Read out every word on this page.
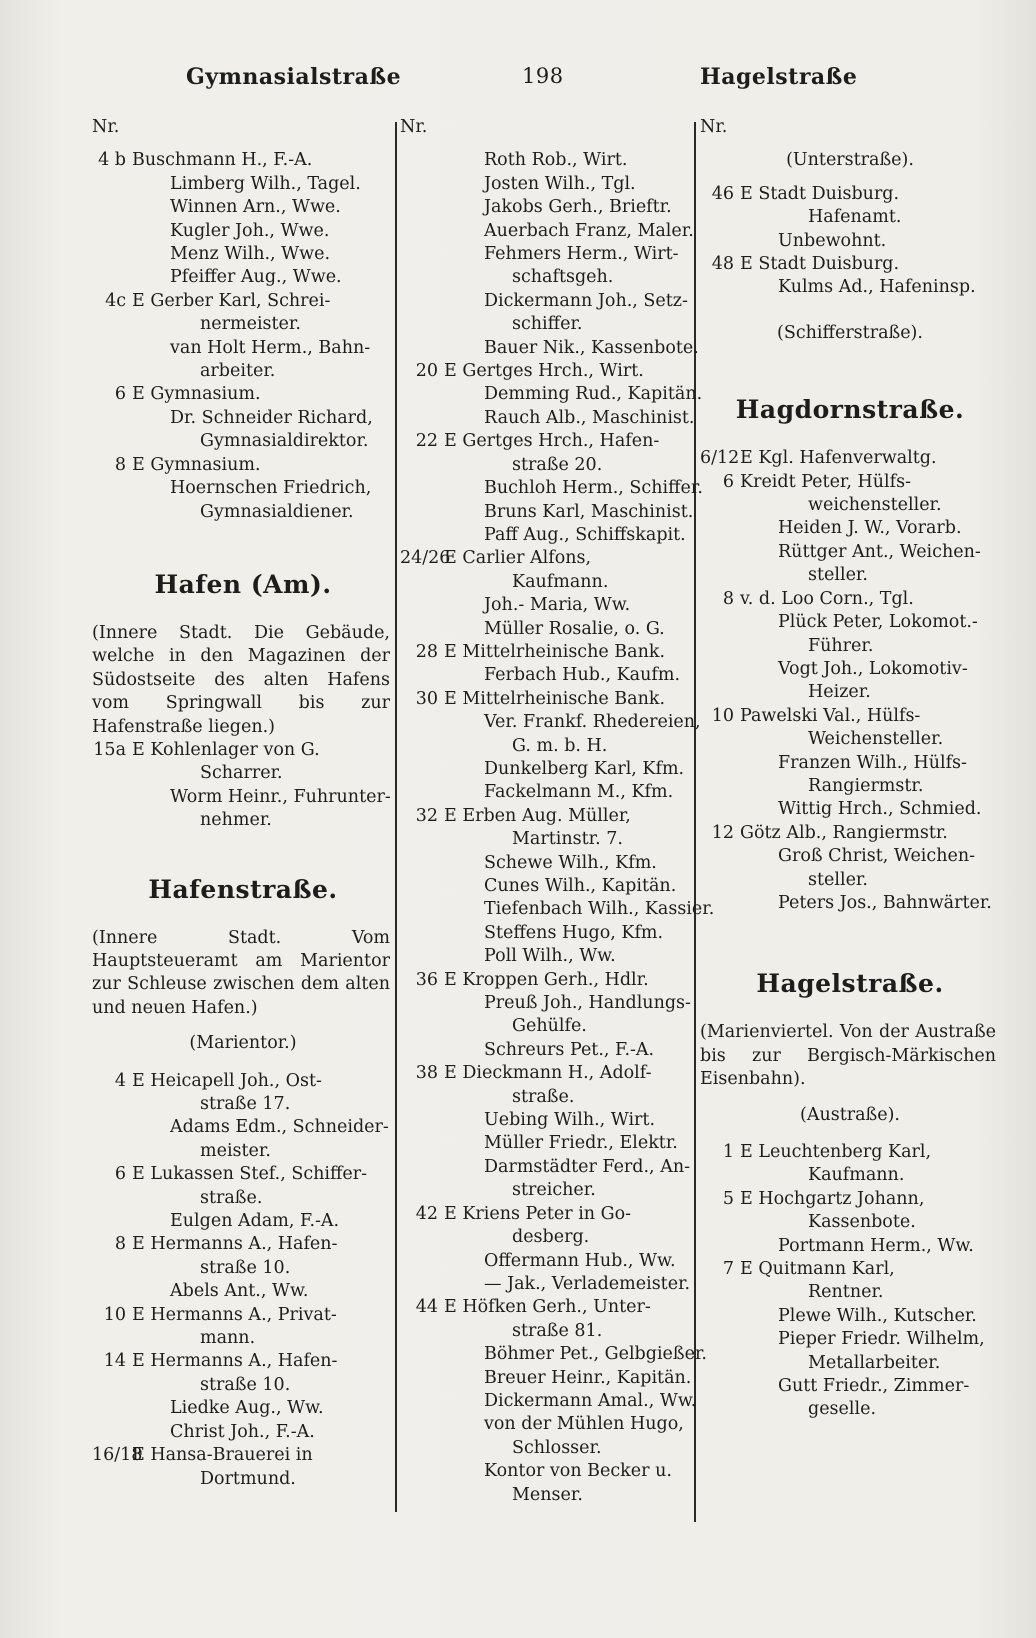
Gymnasialstraße	198	Hagelstraße
Nr.
4 b Buschmann H., F.-A.
Limberg Wilh., Tagel.
Winnen Arn., Wwe.
Kugler Joh., Wwe.
Menz Wilh., Wwe.
Pfeiffer Aug., Wwe.
4c E Gerber Karl, Schrei-
nermeister.
van Holt Herm., Bahn-
arbeiter.
6 E Gymnasium.
Dr. Schneider Richard,
Gymnasialdirektor.
8 E Gymnasium.
Hoernschen Friedrich,
Gymnasialdiener.
Hafen (Am).
(Innere Stadt. Die Gebäude, welche in den Magazinen der Südostseite des alten Hafens vom Springwall bis zur Hafenstraße liegen.)
15a E Kohlenlager von G.
Scharrer.
Worm Heinr., Fuhrunter-
nehmer.
Hafenstraße.
(Innere Stadt. Vom Hauptsteueramt am Marientor zur Schleuse zwischen dem alten und neuen Hafen.)
(Marientor.)
4 E Heicapell Joh., Ost-
straße 17.
Adams Edm., Schneider-
meister.
6 E Lukassen Stef., Schiffer-
straße.
Eulgen Adam, F.-A.
8 E Hermanns A., Hafen-
straße 10.
Abels Ant., Ww.
10 E Hermanns A., Privat-
mann.
14 E Hermanns A., Hafen-
straße 10.
Liedke Aug., Ww.
Christ Joh., F.-A.
16/18E Hansa-Brauerei in
Dortmund.
Nr.
Roth Rob., Wirt.
Josten Wilh., Tgl.
Jakobs Gerh., Brieftr.
Auerbach Franz, Maler.
Fehmers Herm., Wirt-
schaftsgeh.
Dickermann Joh., Setz-
schiffer.
Bauer Nik., Kassenbote.
20 E Gertges Hrch., Wirt.
Demming Rud., Kapitän.
Rauch Alb., Maschinist.
22 E Gertges Hrch., Hafen-
straße 20.
Buchloh Herm., Schiffer.
Bruns Karl, Maschinist.
Paff Aug., Schiffskapit.
24/26E Carlier Alfons,
Kaufmann.
Joh.- Maria, Ww.
Müller Rosalie, o. G.
28 E Mittelrheinische Bank.
Ferbach Hub., Kaufm.
30 E Mittelrheinische Bank.
Ver. Frankf. Rhedereien,
G. m. b. H.
Dunkelberg Karl, Kfm.
Fackelmann M., Kfm.
32 E Erben Aug. Müller,
Martinstr. 7.
Schewe Wilh., Kfm.
Cunes Wilh., Kapitän.
Tiefenbach Wilh., Kassier.
Steffens Hugo, Kfm.
Poll Wilh., Ww.
36 E Kroppen Gerh., Hdlr.
Preuß Joh., Handlungs-
Gehülfe.
Schreurs Pet., F.-A.
38 E Dieckmann H., Adolf-
straße.
Uebing Wilh., Wirt.
Müller Friedr., Elektr.
Darmstädter Ferd., An-
streicher.
42 E Kriens Peter in Go-
desberg.
Offermann Hub., Ww.
— Jak., Verlademeister.
44 E Höfken Gerh., Unter-
straße 81.
Böhmer Pet., Gelbgießer.
Breuer Heinr., Kapitän.
Dickermann Amal., Ww.
von der Mühlen Hugo,
Schlosser.
Kontor von Becker u.
Menser.
Nr.
(Unterstraße).
46 E Stadt Duisburg.
Hafenamt.
Unbewohnt.
48 E Stadt Duisburg.
Kulms Ad., Hafeninsp.
(Schifferstraße).
Hagdornstraße.
6/12E Kgl. Hafenverwaltg.
6 Kreidt Peter, Hülfs-
weichensteller.
Heiden J. W., Vorarb.
Rüttger Ant., Weichen-
steller.
8 v. d. Loo Corn., Tgl.
Plück Peter, Lokomot.-
Führer.
Vogt Joh., Lokomotiv-
Heizer.
10 Pawelski Val., Hülfs-
Weichensteller.
Franzen Wilh., Hülfs-
Rangiermstr.
Wittig Hrch., Schmied.
12 Götz Alb., Rangiermstr.
Groß Christ, Weichen-
steller.
Peters Jos., Bahnwärter.
Hagelstraße.
(Marienviertel. Von der Austraße bis zur Bergisch-Märkischen Eisenbahn).
(Austraße).
1 E Leuchtenberg Karl,
Kaufmann.
5 E Hochgartz Johann,
Kassenbote.
Portmann Herm., Ww.
7 E Quitmann Karl,
Rentner.
Plewe Wilh., Kutscher.
Pieper Friedr. Wilhelm,
Metallarbeiter.
Gutt Friedr., Zimmer-
geselle.
